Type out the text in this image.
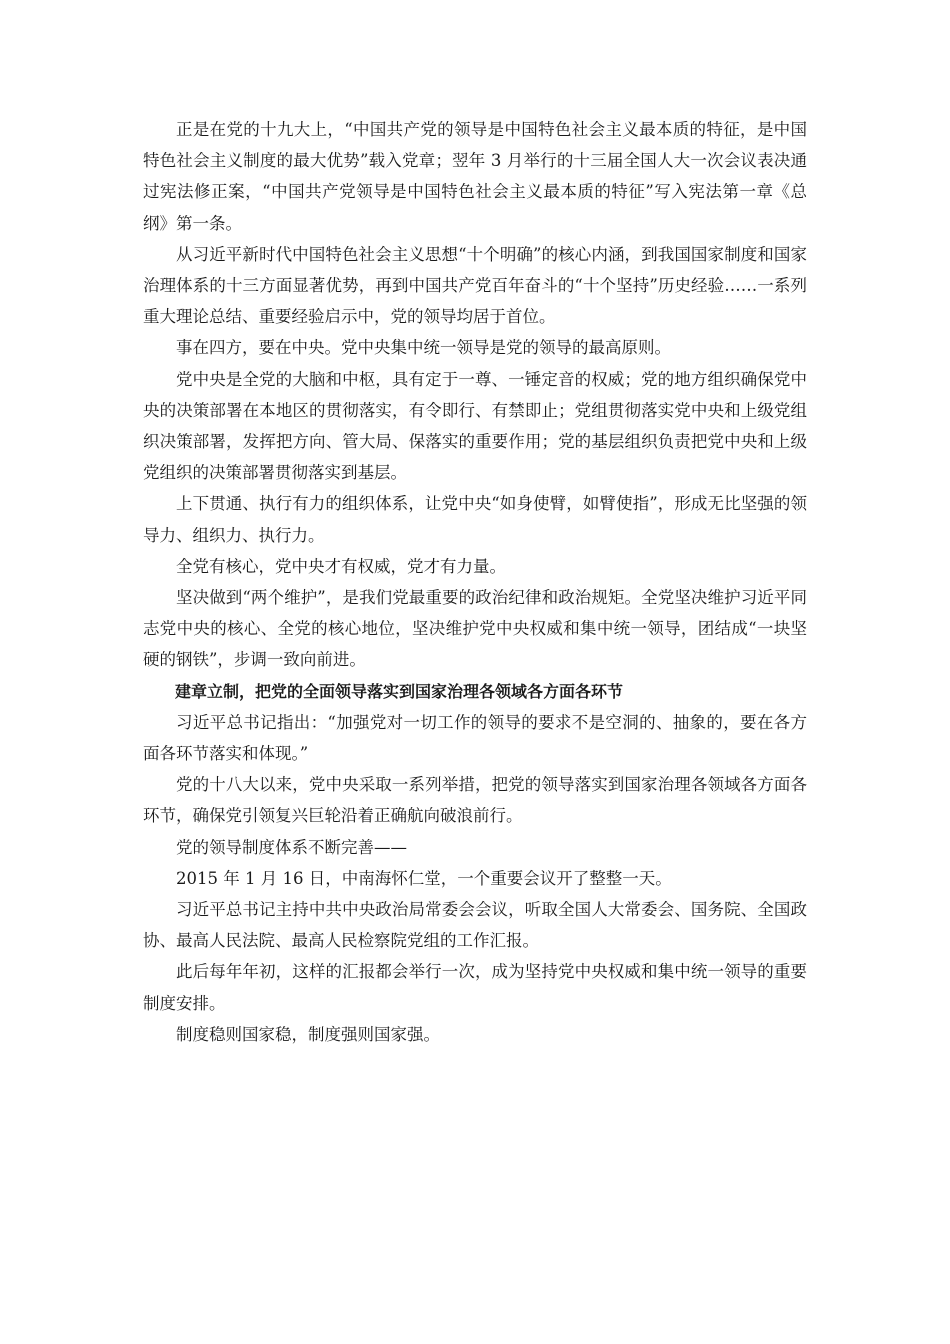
正是在党的十九大上，“中国共产党的领导是中国特色社会主义最本质的特征，是中国特色社会主义制度的最大优势”载入党章；翌年 3 月举行的十三届全国人大一次会议表决通过宪法修正案，“中国共产党领导是中国特色社会主义最本质的特征”写入宪法第一章《总纲》第一条。

从习近平新时代中国特色社会主义思想“十个明确”的核心内涵，到我国国家制度和国家治理体系的十三方面显著优势，再到中国共产党百年奋斗的“十个坚持”历史经验……一系列重大理论总结、重要经验启示中，党的领导均居于首位。

事在四方，要在中央。党中央集中统一领导是党的领导的最高原则。

党中央是全党的大脑和中枢，具有定于一尊、一锤定音的权威；党的地方组织确保党中央的决策部署在本地区的贯彻落实，有令即行、有禁即止；党组贯彻落实党中央和上级党组织决策部署，发挥把方向、管大局、保落实的重要作用；党的基层组织负责把党中央和上级党组织的决策部署贯彻落实到基层。

上下贯通、执行有力的组织体系，让党中央“如身使臂，如臂使指”，形成无比坚强的领导力、组织力、执行力。

全党有核心，党中央才有权威，党才有力量。

坚决做到“两个维护”，是我们党最重要的政治纪律和政治规矩。全党坚决维护习近平同志党中央的核心、全党的核心地位，坚决维护党中央权威和集中统一领导，团结成“一块坚硬的钢铁”，步调一致向前进。

建章立制，把党的全面领导落实到国家治理各领域各方面各环节

习近平总书记指出：“加强党对一切工作的领导的要求不是空洞的、抽象的，要在各方面各环节落实和体现。”

党的十八大以来，党中央采取一系列举措，把党的领导落实到国家治理各领域各方面各环节，确保党引领复兴巨轮沿着正确航向破浪前行。

党的领导制度体系不断完善——

2015 年 1 月 16 日，中南海怀仁堂，一个重要会议开了整整一天。

习近平总书记主持中共中央政治局常委会会议，听取全国人大常委会、国务院、全国政协、最高人民法院、最高人民检察院党组的工作汇报。

此后每年年初，这样的汇报都会举行一次，成为坚持党中央权威和集中统一领导的重要制度安排。

制度稳则国家稳，制度强则国家强。
